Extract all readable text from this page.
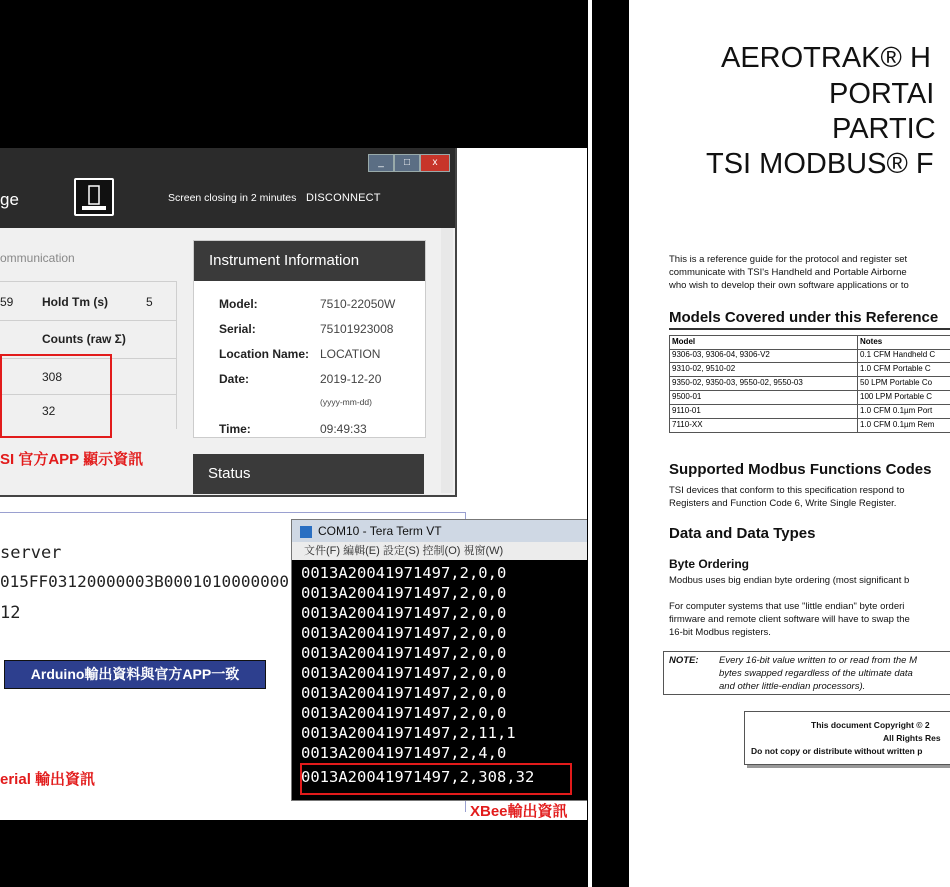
_	□	x
ge	Screen closing in 2 minutes DISCONNECT
ommunication
59 Hold Tm (s)	5
Counts (raw Σ)
308
32
SI 官方APP 顯示資訊
Instrument Information
Model:	7510-22050W
Serial:	75101923008
Location Name: LOCATION
Date:	2019-12-20
(yyyy-mm-dd)
Time:	09:49:33
Status
server
015FF03120000003B0001010000000
12
Arduino輸出資料與官方APP一致
erial 輸出資訊
COM10 - Tera Term VT
文件(F) 編輯(E) 設定(S) 控制(O) 視窗(W)
0013A20041971497,2,0,0
0013A20041971497,2,0,0
0013A20041971497,2,0,0
0013A20041971497,2,0,0
0013A20041971497,2,0,0
0013A20041971497,2,0,0
0013A20041971497,2,0,0
0013A20041971497,2,0,0
0013A20041971497,2,11,1
0013A20041971497,2,4,0
0013A20041971497,2,308,32
XBee輸出資訊
AEROTRAK® H
PORTAI
PARTIC
TSI MODBUS® F
This is a reference guide for the protocol and register set
communicate with TSI's Handheld and Portable Airborne
who wish to develop their own software applications or to
Models Covered under this Reference
Model	Notes
9306-03, 9306-04, 9306-V2	0.1 CFM Handheld C
9310-02, 9510-02	1.0 CFM Portable C
9350-02, 9350-03, 9550-02, 9550-03	50 LPM Portable Co
9500-01	100 LPM Portable C
9110-01	1.0 CFM 0.1µm Port
7110-XX	1.0 CFM 0.1µm Rem
Supported Modbus Functions Codes
TSI devices that conform to this specification respond to
Registers and Function Code 6, Write Single Register.
Data and Data Types
Byte Ordering
Modbus uses big endian byte ordering (most significant b
For computer systems that use "little endian" byte orderi
firmware and remote client software will have to swap the
16-bit Modbus registers.
NOTE: Every 16-bit value written to or read from the M
bytes swapped regardless of the ultimate data
and other little-endian processors).
This document Copyright © 2
All Rights Res
Do not copy or distribute without written p
